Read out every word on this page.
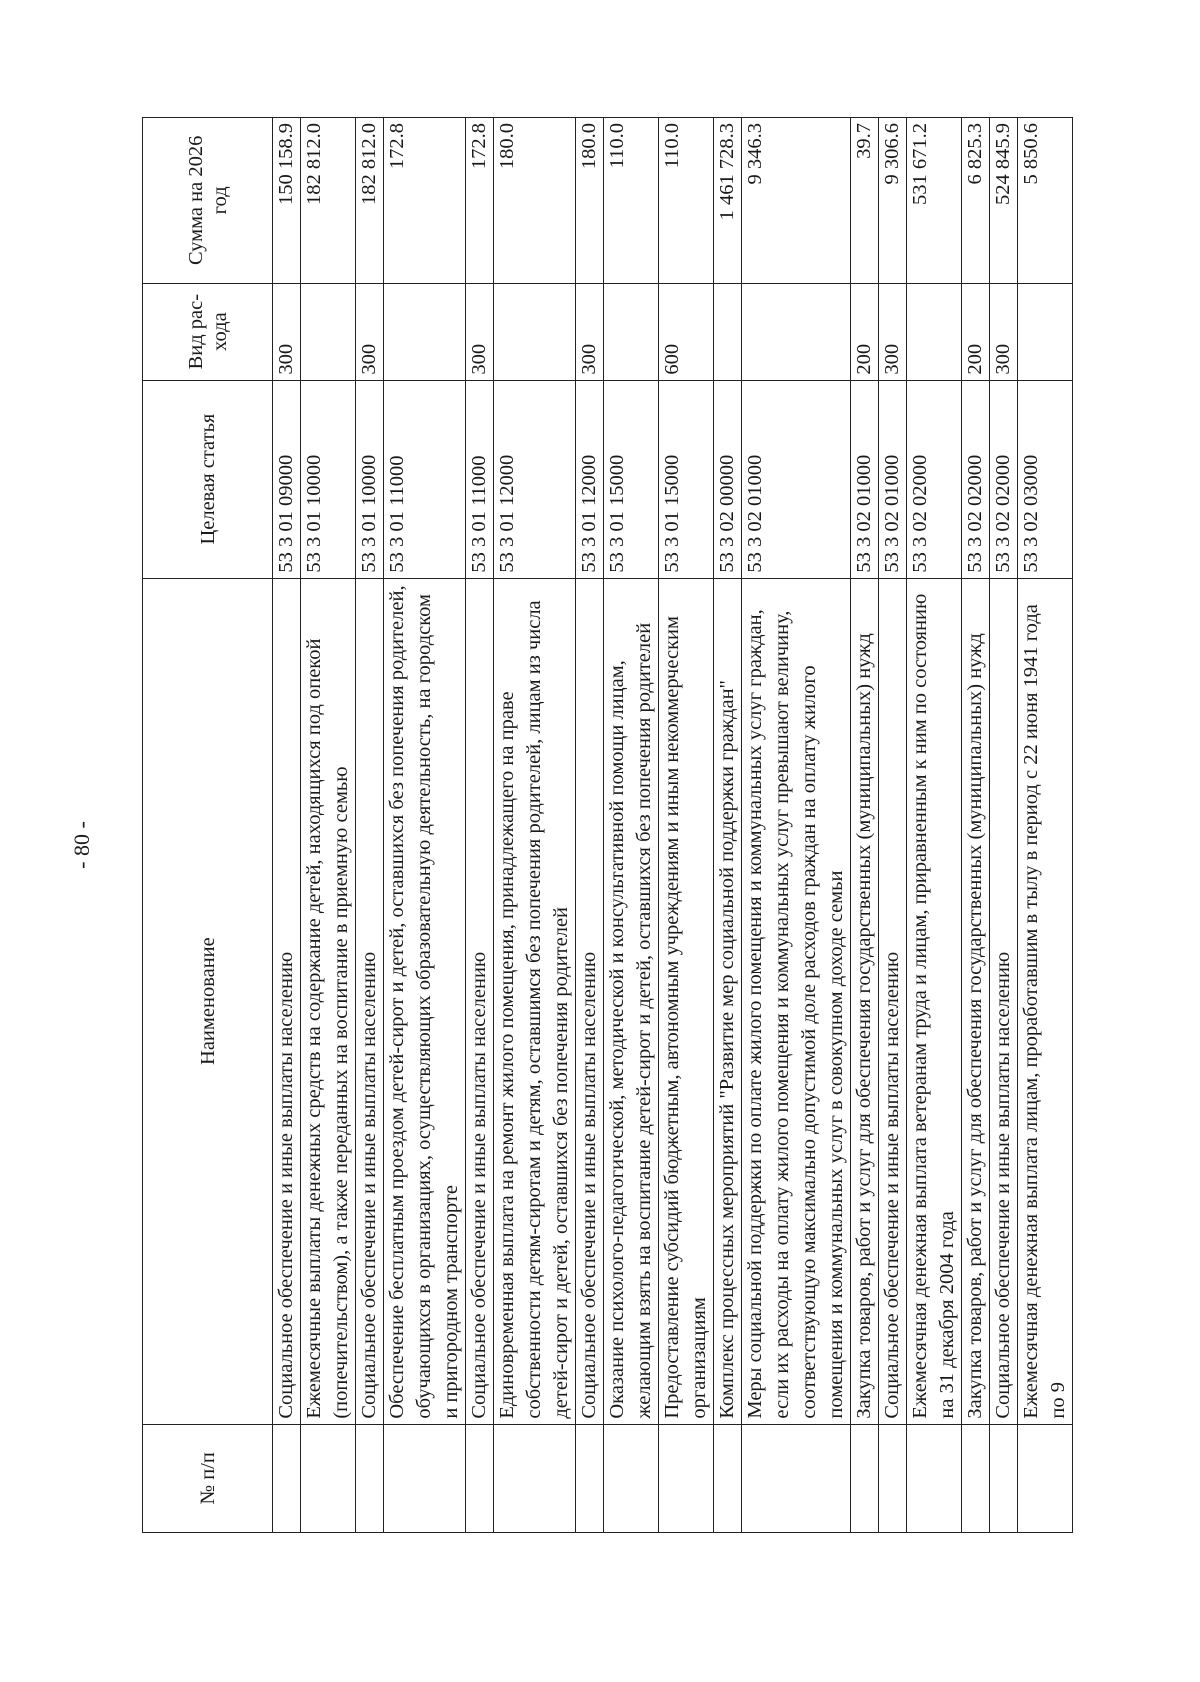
- 80 -
№ п/п	Наименование	Целевая статья	Вид рас- хода	Сумма на 2026 год
	Социальное обеспечение и иные выплаты населению	53 3 01 09000	300	150 158.9
	Ежемесячные выплаты денежных средств на содержание детей, находящихся под опекой (попечительством), а также переданных на воспитание в приемную семью	53 3 01 10000		182 812.0
	Социальное обеспечение и иные выплаты населению	53 3 01 10000	300	182 812.0
	Обеспечение бесплатным проездом детей-сирот и детей, оставшихся без попечения родителей, обучающихся в организациях, осуществляющих образовательную деятельность, на городском и пригородном транспорте	53 3 01 11000		172.8
	Социальное обеспечение и иные выплаты населению	53 3 01 11000	300	172.8
	Единовременная выплата на ремонт жилого помещения, принадлежащего на праве собственности детям-сиротам и детям, оставшимся без попечения родителей, лицам из числа детей-сирот и детей, оставшихся без попечения родителей	53 3 01 12000		180.0
	Социальное обеспечение и иные выплаты населению	53 3 01 12000	300	180.0
	Оказание психолого-педагогической, методической и консультативной помощи лицам, желающим взять на воспитание детей-сирот и детей, оставшихся без попечения родителей	53 3 01 15000		110.0
	Предоставление субсидий бюджетным, автономным учреждениям и иным некоммерческим организациям	53 3 01 15000	600	110.0
	Комплекс процессных мероприятий "Развитие мер социальной поддержки граждан"	53 3 02 00000		1 461 728.3
	Меры социальной поддержки по оплате жилого помещения и коммунальных услуг граждан, если их расходы на оплату жилого помещения и коммунальных услуг превышают величину, соответствующую максимально допустимой доле расходов граждан на оплату жилого помещения и коммунальных услуг в совокупном доходе семьи	53 3 02 01000		9 346.3
	Закупка товаров, работ и услуг для обеспечения государственных (муниципальных) нужд	53 3 02 01000	200	39.7
	Социальное обеспечение и иные выплаты населению	53 3 02 01000	300	9 306.6
	Ежемесячная денежная выплата ветеранам труда и лицам, приравненным к ним по состоянию на 31 декабря 2004 года	53 3 02 02000		531 671.2
	Закупка товаров, работ и услуг для обеспечения государственных (муниципальных) нужд	53 3 02 02000	200	6 825.3
	Социальное обеспечение и иные выплаты населению	53 3 02 02000	300	524 845.9
	Ежемесячная денежная выплата лицам, проработавшим в тылу в период с 22 июня 1941 года по 9	53 3 02 03000		5 850.6
